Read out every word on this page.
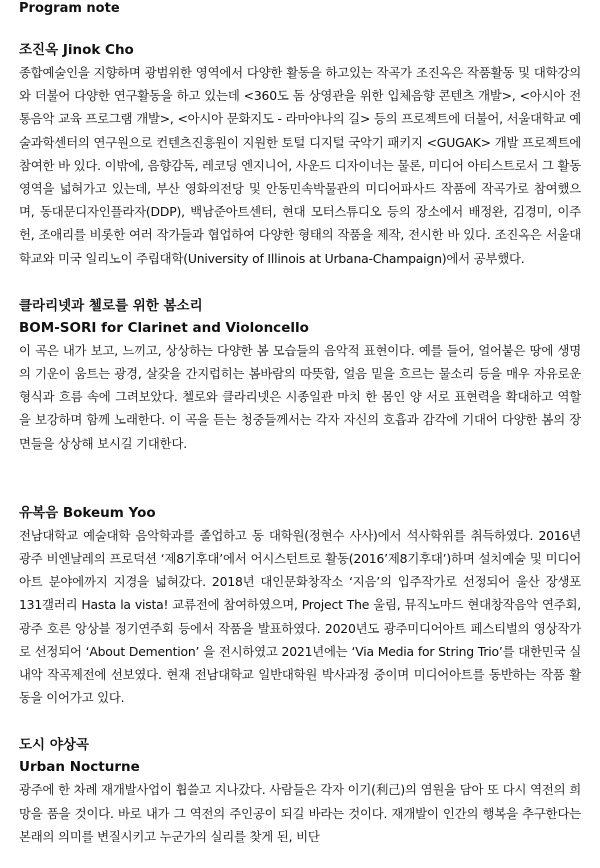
Program note
조진옥 Jinok Cho

종합예술인을 지향하며 광범위한 영역에서 다양한 활동을 하고있는 작곡가 조진옥은 작품활동 및 대학강의와 더불어 다양한 연구활동을 하고 있는데 <360도 돔 상영관을 위한 입체음향 콘텐츠 개발>, <아시아 전통음악 교육 프로그램 개발>, <아시아 문화지도 - 라마야나의 길> 등의 프로젝트에 더불어, 서울대학교 예술과학센터의 연구원으로 컨텐츠진흥원이 지원한 토털 디지털 국악기 패키지 <GUGAK> 개발 프로젝트에 참여한 바 있다. 이밖에, 음향감독, 레코딩 엔지니어, 사운드 디자이너는 물론, 미디어 아티스트로서 그 활동영역을 넓혀가고 있는데, 부산 영화의전당 및 안동민속박물관의 미디어파사드 작품에 작곡가로 참여했으며, 동대문디자인플라자(DDP), 백남준아트센터, 현대 모터스튜디오 등의 장소에서 배정완, 김경미, 이주헌, 조애리를 비롯한 여러 작가들과 협업하여 다양한 형태의 작품을 제작, 전시한 바 있다. 조진옥은 서울대학교와 미국 일리노이 주립대학(University of Illinois at Urbana-Champaign)에서 공부했다.

클라리넷과 첼로를 위한 봄소리
BOM-SORI for Clarinet and Violoncello

이 곡은 내가 보고, 느끼고, 상상하는 다양한 봄 모습들의 음악적 표현이다. 예를 들어, 얼어붙은 땅에 생명의 기운이 움트는 광경, 살갗을 간지럽히는 봄바람의 따뜻함, 얼음 밑을 흐르는 물소리 등을 매우 자유로운 형식과 흐름 속에 그려보았다. 첼로와 클라리넷은 시종일관 마치 한 몸인 양 서로 표현력을 확대하고 역할을 보강하며 함께 노래한다. 이 곡을 듣는 청중들께서는 각자 자신의 호흡과 감각에 기대어 다양한 봄의 장면들을 상상해 보시길 기대한다.

유복음 Bokeum Yoo

전남대학교 예술대학 음악학과를 졸업하고 동 대학원(정현수 사사)에서 석사학위를 취득하였다. 2016년 광주 비엔날레의 프로덕션 ‘제8기후대’에서 어시스턴트로 활동(2016’제8기후대’)하며 설치예술 및 미디어아트 분야에까지 지경을 넓혀갔다. 2018년 대인문화창작소 ‘지음’의 입주작가로 선정되어 울산 장생포 131갤러리 Hasta la vista! 교류전에 참여하였으며, Project The 울림, 뮤직노마드 현대창작음악 연주회, 광주 호른 앙상블 정기연주회 등에서 작품을 발표하였다. 2020년도 광주미디어아트 페스티벌의 영상작가로 선정되어 ‘About Demention’ 을 전시하였고 2021년에는 ‘Via Media for String Trio’를 대한민국 실내악 작곡제전에 선보였다. 현재 전남대학교 일반대학원 박사과정 중이며 미디어아트를 동반하는 작품 활동을 이어가고 있다.

도시 야상곡
Urban Nocturne

광주에 한 차례 재개발사업이 휩쓸고 지나갔다. 사람들은 각자 이기(利己)의 염원을 담아 또 다시 역전의 희망을 품을 것이다. 바로 내가 그 역전의 주인공이 되길 바라는 것이다. 재개발이 인간의 행복을 추구한다는 본래의 의미를 변질시키고 누군가의 실리를 찾게 된, 비단
